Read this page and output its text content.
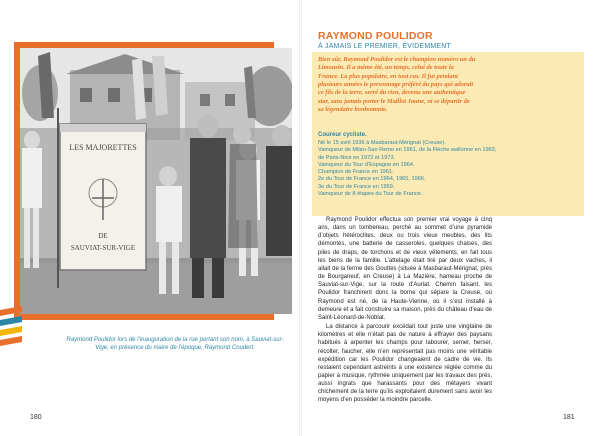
LES MAJORETTES
DE
SAUVIAT-SUR-VIGE
Raymond Poulidor lors de l’inauguration de la rue portant son nom, à Sauviat-sur-Vige, en présence du maire de l’époque, Raymond Coudert.
180
RAYMOND POULIDOR
À JAMAIS LE PREMIER, ÉVIDEMMENT
Bien sûr, Raymond Poulidor est le champion numéro un du Limousin. Il a même été, un temps, celui de toute la France. La plus populaire, en tout cas. Il fut pendant plusieurs années le personnage préféré du pays qui adorait ce fils de la terre, serré du rien, devenu une authentique star, sans jamais porter le Maillot Jaune, ni se départir de sa légendaire bonhommie.
Coureur cycliste.
Né le 15 avril 1936 à Masbaraut-Mérignat (Creuse).
Vainqueur de Milan-San Remo en 1961, de la Flèche wallonne en 1963, de Paris-Nice en 1972 et 1973.
Vainqueur du Tour d’Espagne en 1964.
Champion de France en 1961.
2e du Tour de France en 1964, 1965, 1966.
3e du Tour de France en 1969.
Vainqueur de 8 étapes du Tour de France.

Raymond Poulidor effectua son premier vrai voyage à cinq ans, dans un tombereau, perché au sommet d’une pyramide d’objets hétéroclites, deux ou trois vieux meubles, des lits démontés, une batterie de casseroles, quelques chaises, des piles de draps, de torchons et de vieux vêtements, en fait tous les biens de la famille. L’attelage était tiré par deux vaches, il allait de la ferme des Gouttes (située à Masbaraut-Mérignat, près de Bourganeuf, en Creuse) à La Mazière, hameau proche de Sauviat-sur-Vige, sur la route d’Auriat. Chemin faisant, les Poulidor franchirent donc la borne qui sépare la Creuse, où Raymond est né, de la Haute-Vienne, où il s’est installé à demeure et a fait construire sa maison, près du château d’eau de Saint-Léonard-de-Noblat.

La distance à parcourir excédait tout juste une vingtaine de kilomètres et elle n’était pas de nature à effrayer des paysans habitués à arpenter les champs pour labourer, semer, herser, récolter, faucher, elle n’en représentait pas moins une véritable expédition car les Poulidor changeaient de cadre de vie. Ils restaient cependant astreints à une existence réglée comme du papier à musique, rythmée uniquement par les travaux des prés, aussi ingrats que harassants pour des métayers vivant chichement de la terre qu’ils exploitaient durement sans avoir les moyens d’en posséder la moindre parcelle.

181
